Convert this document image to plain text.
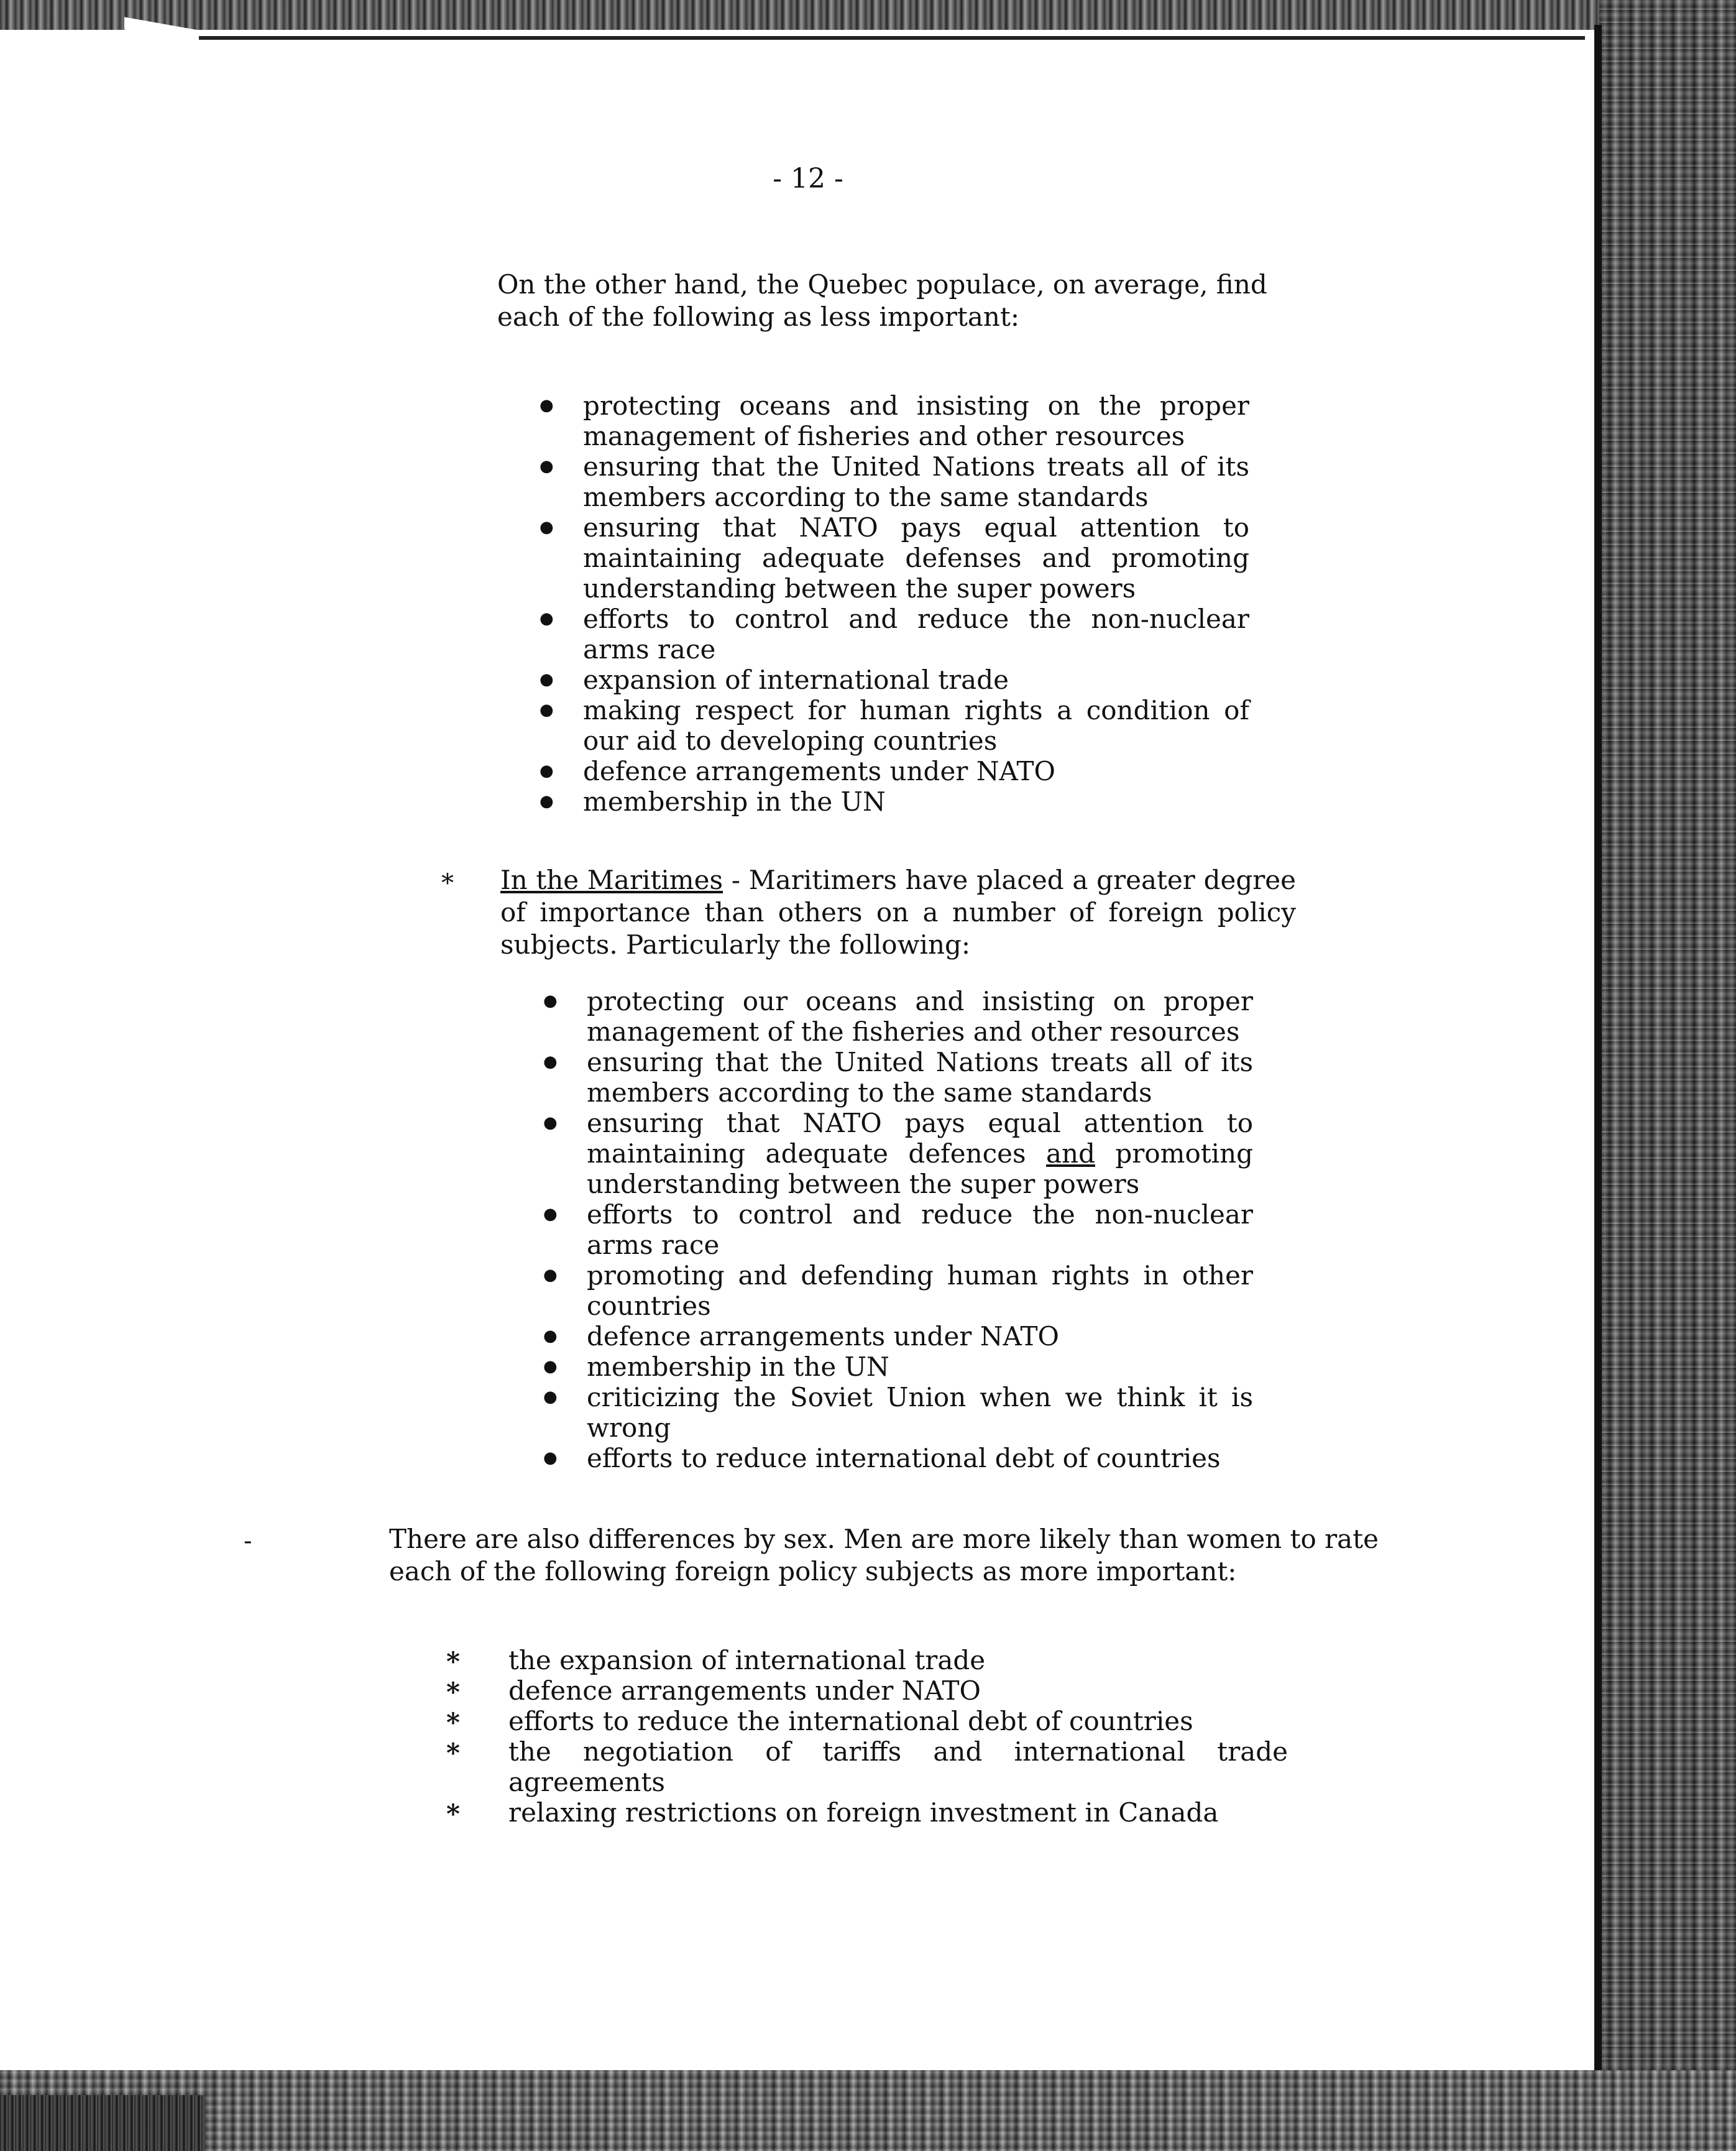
- 12 -

On the other hand, the Quebec populace, on average, find each of the following as less important:

● protecting oceans and insisting on the proper management of fisheries and other resources
● ensuring that the United Nations treats all of its members according to the same standards
● ensuring that NATO pays equal attention to maintaining adequate defenses and promoting understanding between the super powers
● efforts to control and reduce the non-nuclear arms race
● expansion of international trade
● making respect for human rights a condition of our aid to developing countries
● defence arrangements under NATO
● membership in the UN
* In the Maritimes - Maritimers have placed a greater degree of importance than others on a number of foreign policy subjects. Particularly the following:

● protecting our oceans and insisting on proper management of the fisheries and other resources
● ensuring that the United Nations treats all of its members according to the same standards
● ensuring that NATO pays equal attention to maintaining adequate defences and promoting understanding between the super powers
● efforts to control and reduce the non-nuclear arms race
● promoting and defending human rights in other countries
● defence arrangements under NATO
● membership in the UN
● criticizing the Soviet Union when we think it is wrong
● efforts to reduce international debt of countries
-	There are also differences by sex. Men are more likely than women to rate each of the following foreign policy subjects as more important:

* the expansion of international trade
* defence arrangements under NATO
* efforts to reduce the international debt of countries
* the negotiation of tariffs and international trade agreements
* relaxing restrictions on foreign investment in Canada
